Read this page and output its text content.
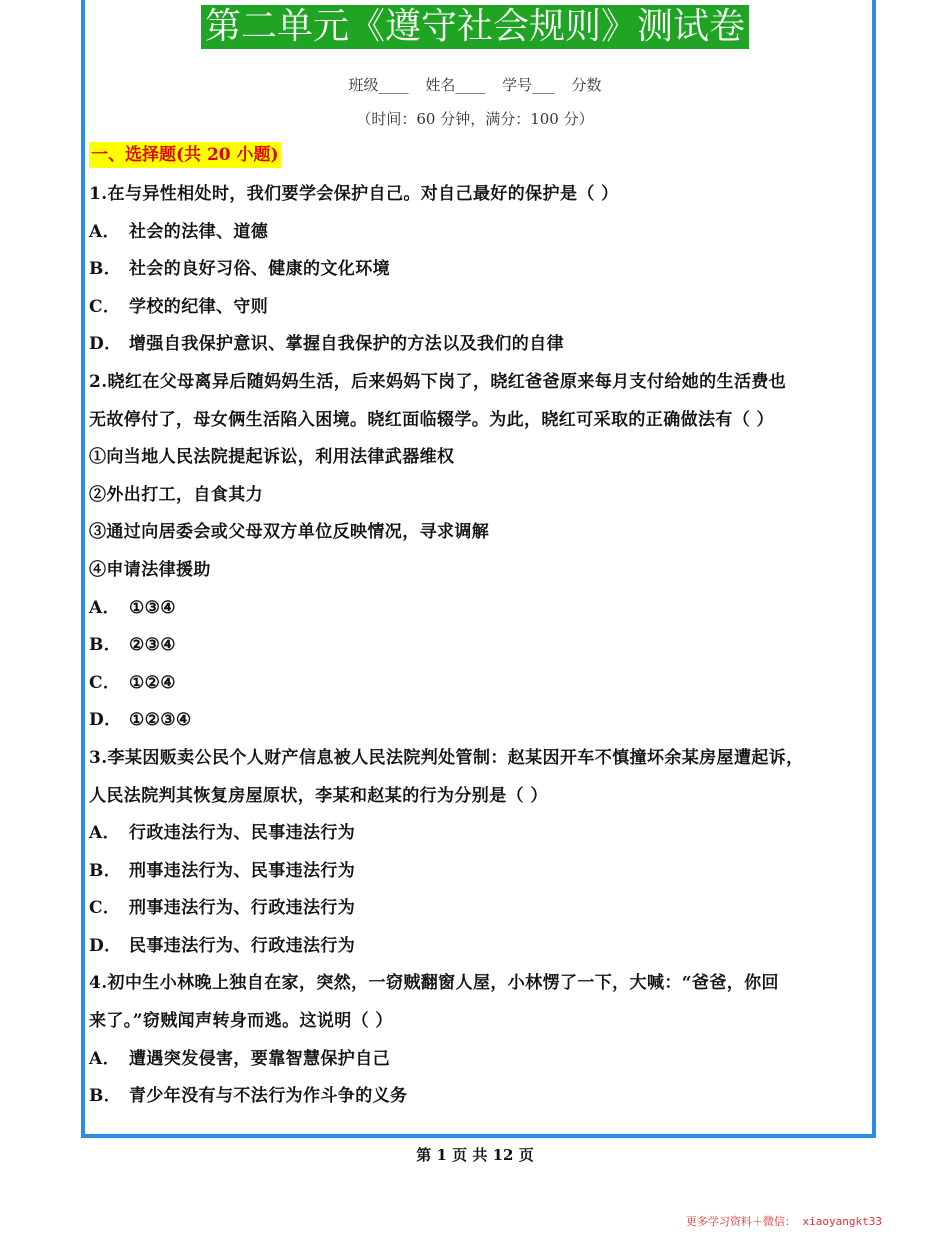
第二单元《遵守社会规则》测试卷
班级____ 姓名____ 学号___ 分数
（时间：60 分钟，满分：100 分）
一、选择题(共 20 小题)
1.在与异性相处时，我们要学会保护自己。对自己最好的保护是（ ）
A． 社会的法律、道德
B． 社会的良好习俗、健康的文化环境
C． 学校的纪律、守则
D． 增强自我保护意识、掌握自我保护的方法以及我们的自律
2.晓红在父母离异后随妈妈生活，后来妈妈下岗了，晓红爸爸原来每月支付给她的生活费也
无故停付了，母女俩生活陷入困境。晓红面临辍学。为此，晓红可采取的正确做法有（ ）
①向当地人民法院提起诉讼，利用法律武器维权
②外出打工，自食其力
③通过向居委会或父母双方单位反映情况，寻求调解
④申请法律援助
A． ①③④
B． ②③④
C． ①②④
D． ①②③④
3.李某因贩卖公民个人财产信息被人民法院判处管制：赵某因开车不慎撞坏余某房屋遭起诉，
人民法院判其恢复房屋原状，李某和赵某的行为分别是（ ）
A． 行政违法行为、民事违法行为
B． 刑事违法行为、民事违法行为
C． 刑事违法行为、行政违法行为
D． 民事违法行为、行政违法行为
4.初中生小林晚上独自在家，突然，一窃贼翻窗人屋，小林愣了一下，大喊：“爸爸，你回
来了。”窃贼闻声转身而逃。这说明（ ）
A． 遭遇突发侵害，要靠智慧保护自己
B． 青少年没有与不法行为作斗争的义务
第 1 页 共 12 页
更多学习资料＋微信： xiaoyangkt33
